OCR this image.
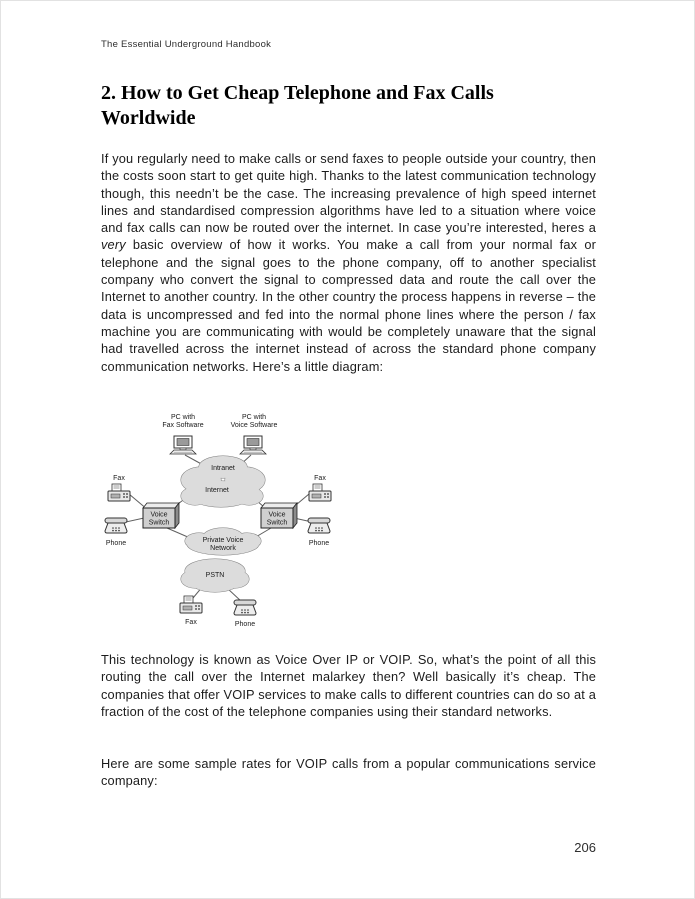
The Essential Underground Handbook
2. How to Get Cheap Telephone and Fax Calls Worldwide

If you regularly need to make calls or send faxes to people outside your country, then the costs soon start to get quite high. Thanks to the latest communication technology though, this needn’t be the case. The increasing prevalence of high speed internet lines and standardised compression algorithms have led to a situation where voice and fax calls can now be routed over the internet. In case you’re interested, heres a very basic overview of how it works. You make a call from your normal fax or telephone and the signal goes to the phone company, off to another specialist company who convert the signal to compressed data and route the call over the Internet to another country. In the other country the process happens in reverse – the data is uncompressed and fed into the normal phone lines where the person / fax machine you are communicating with would be completely unaware that the signal had travelled across the internet instead of across the standard phone company communication networks. Here’s a little diagram:

PC with
Fax Software
PC with
Voice Software
Intranet
Internet
Fax	Fax
Voice
Switch
Voice
Switch
Phone	Phone
Private Voice
Network
PSTN
Fax	Phone

This technology is known as Voice Over IP or VOIP. So, what’s the point of all this routing the call over the Internet malarkey then? Well basically it’s cheap. The companies that offer VOIP services to make calls to different countries can do so at a fraction of the cost of the telephone companies using their standard networks.

Here are some sample rates for VOIP calls from a popular communications service company:

206
